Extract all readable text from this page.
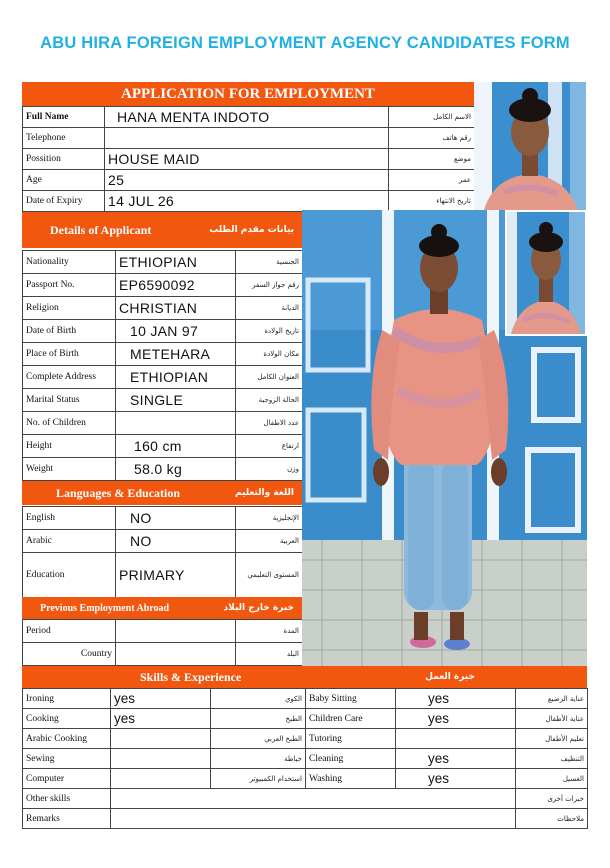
ABU HIRA FOREIGN EMPLOYMENT AGENCY CANDIDATES FORM
APPLICATION FOR EMPLOYMENT
Full Name	HANA MENTA INDOTO	الاسم الكامل
Telephone		رقم هاتف
Possition	HOUSE MAID	موضع
Age	25	عمر
Date of Expiry	14 JUL 26	تاريخ الانتهاء
Details of Applicant	بيانات مقدم الطلب
Nationality	ETHIOPIAN	الجنسية
Passport No.	EP6590092	رقم جواز السفر
Religion	CHRISTIAN	الديانة
Date of Birth	10 JAN 97	تاريخ الولادة
Place of Birth	METEHARA	مكان الولادة
Complete Address	ETHIOPIAN	العنوان الكامل
Marital Status	SINGLE	الحالة الزوجية
No. of Children		عدد الاطفال
Height	160 cm	ارتفاع
Weight	58.0 kg	وزن
Languages & Education	اللغة والتعليم
English	NO	الإنجليزية
Arabic	NO	العربية
Education	PRIMARY	المستوى التعليمي
Previous Employment Abroad	خبرة خارج البلاد
Period		المدة
Country		البلد
Skills & Experience	خبرة العمل
Ironing	yes	الكوي	Baby Sitting	yes	عناية الرضيع
Cooking	yes	الطبخ	Children Care	yes	عناية الأطفال
Arabic Cooking		الطبخ العربي	Tutoring		تعليم الأطفال
Sewing		خياطة	Cleaning	yes	التنظيف
Computer		استخدام الكمبيوتر	Washing	yes	الغسيل
Other skills					خبرات أخرى
Remarks					ملاحظات
